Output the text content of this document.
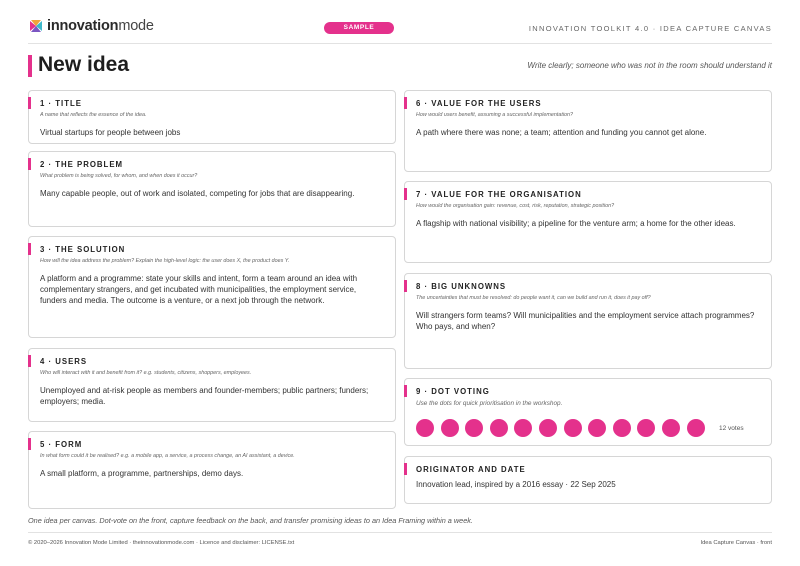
innovationmode	SAMPLE	INNOVATION TOOLKIT 4.0 · IDEA CAPTURE CANVAS
New idea	Write clearly; someone who was not in the room should understand it
1 · TITLE
A name that reflects the essence of the idea.
Virtual startups for people between jobs
2 · THE PROBLEM
What problem is being solved, for whom, and when does it occur?
Many capable people, out of work and isolated, competing for jobs that are disappearing.
3 · THE SOLUTION
How will the idea address the problem? Explain the high-level logic: the user does X, the product does Y.
A platform and a programme: state your skills and intent, form a team around an idea with complementary strangers, and get incubated with municipalities, the employment service, funders and media. The outcome is a venture, or a next job through the network.
4 · USERS
Who will interact with it and benefit from it? e.g. students, citizens, shoppers, employees.
Unemployed and at-risk people as members and founder-members; public partners; funders; employers; media.
5 · FORM
In what form could it be realised? e.g. a mobile app, a service, a process change, an AI assistant, a device.
A small platform, a programme, partnerships, demo days.
6 · VALUE FOR THE USERS
How would users benefit, assuming a successful implementation?
A path where there was none; a team; attention and funding you cannot get alone.
7 · VALUE FOR THE ORGANISATION
How would the organisation gain: revenue, cost, risk, reputation, strategic position?
A flagship with national visibility; a pipeline for the venture arm; a home for the other ideas.
8 · BIG UNKNOWNS
The uncertainties that must be resolved: do people want it, can we build and run it, does it pay off?
Will strangers form teams? Will municipalities and the employment service attach programmes? Who pays, and when?
9 · DOT VOTING
Use the dots for quick prioritisation in the workshop.
12 votes
ORIGINATOR AND DATE
Innovation lead, inspired by a 2016 essay · 22 Sep 2025
One idea per canvas. Dot-vote on the front, capture feedback on the back, and transfer promising ideas to an Idea Framing within a week.
© 2020–2026 Innovation Mode Limited · theinnovationmode.com · Licence and disclaimer: LICENSE.txt	Idea Capture Canvas · front
